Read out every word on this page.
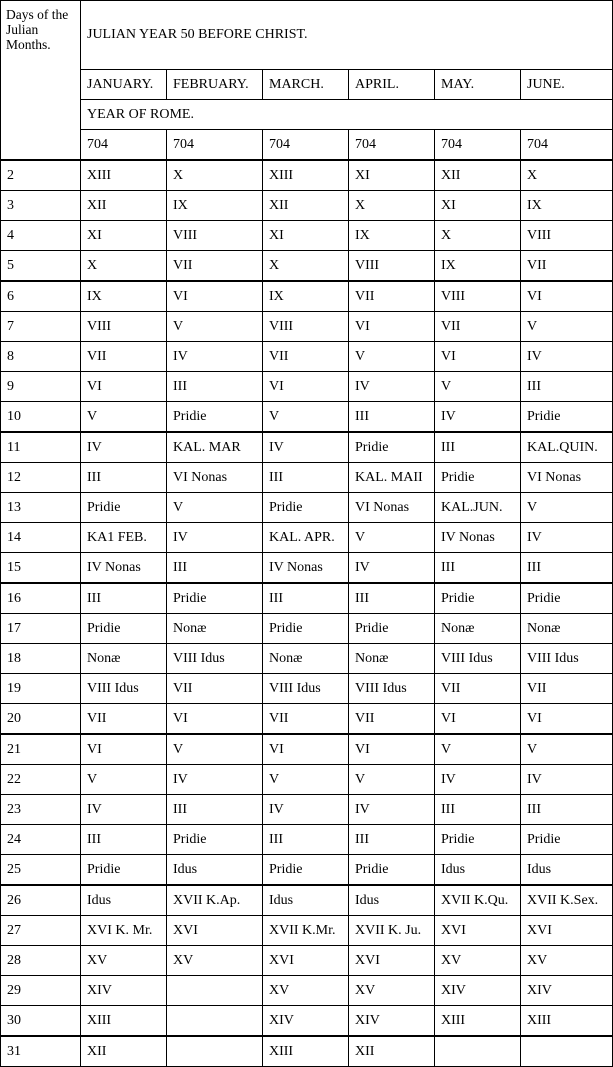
Days of the Julian Months.	JULIAN YEAR 50 BEFORE CHRIST.					
	JANUARY.	FEBRUARY.	MARCH.	APRIL.	MAY.	JUNE.
	YEAR OF ROME.					
	704	704	704	704	704	704
2	XIII	X	XIII	XI	XII	X
3	XII	IX	XII	X	XI	IX
4	XI	VIII	XI	IX	X	VIII
5	X	VII	X	VIII	IX	VII
6	IX	VI	IX	VII	VIII	VI
7	VIII	V	VIII	VI	VII	V
8	VII	IV	VII	V	VI	IV
9	VI	III	VI	IV	V	III
10	V	Pridie	V	III	IV	Pridie
11	IV	KAL. MAR	IV	Pridie	III	KAL.QUIN.
12	III	VI Nonas	III	KAL. MAII	Pridie	VI Nonas
13	Pridie	V	Pridie	VI Nonas	KAL.JUN.	V
14	KA1 FEB.	IV	KAL. APR.	V	IV Nonas	IV
15	IV Nonas	III	IV Nonas	IV	III	III
16	III	Pridie	III	III	Pridie	Pridie
17	Pridie	Nonæ	Pridie	Pridie	Nonæ	Nonæ
18	Nonæ	VIII Idus	Nonæ	Nonæ	VIII Idus	VIII Idus
19	VIII Idus	VII	VIII Idus	VIII Idus	VII	VII
20	VII	VI	VII	VII	VI	VI
21	VI	V	VI	VI	V	V
22	V	IV	V	V	IV	IV
23	IV	III	IV	IV	III	III
24	III	Pridie	III	III	Pridie	Pridie
25	Pridie	Idus	Pridie	Pridie	Idus	Idus
26	Idus	XVII K.Ap.	Idus	Idus	XVII K.Qu.	XVII K.Sex.
27	XVI K. Mr.	XVI	XVII K.Mr.	XVII K. Ju.	XVI	XVI
28	XV	XV	XVI	XVI	XV	XV
29	XIV		XV	XV	XIV	XIV
30	XIII		XIV	XIV	XIII	XIII
31	XII		XIII	XII		
